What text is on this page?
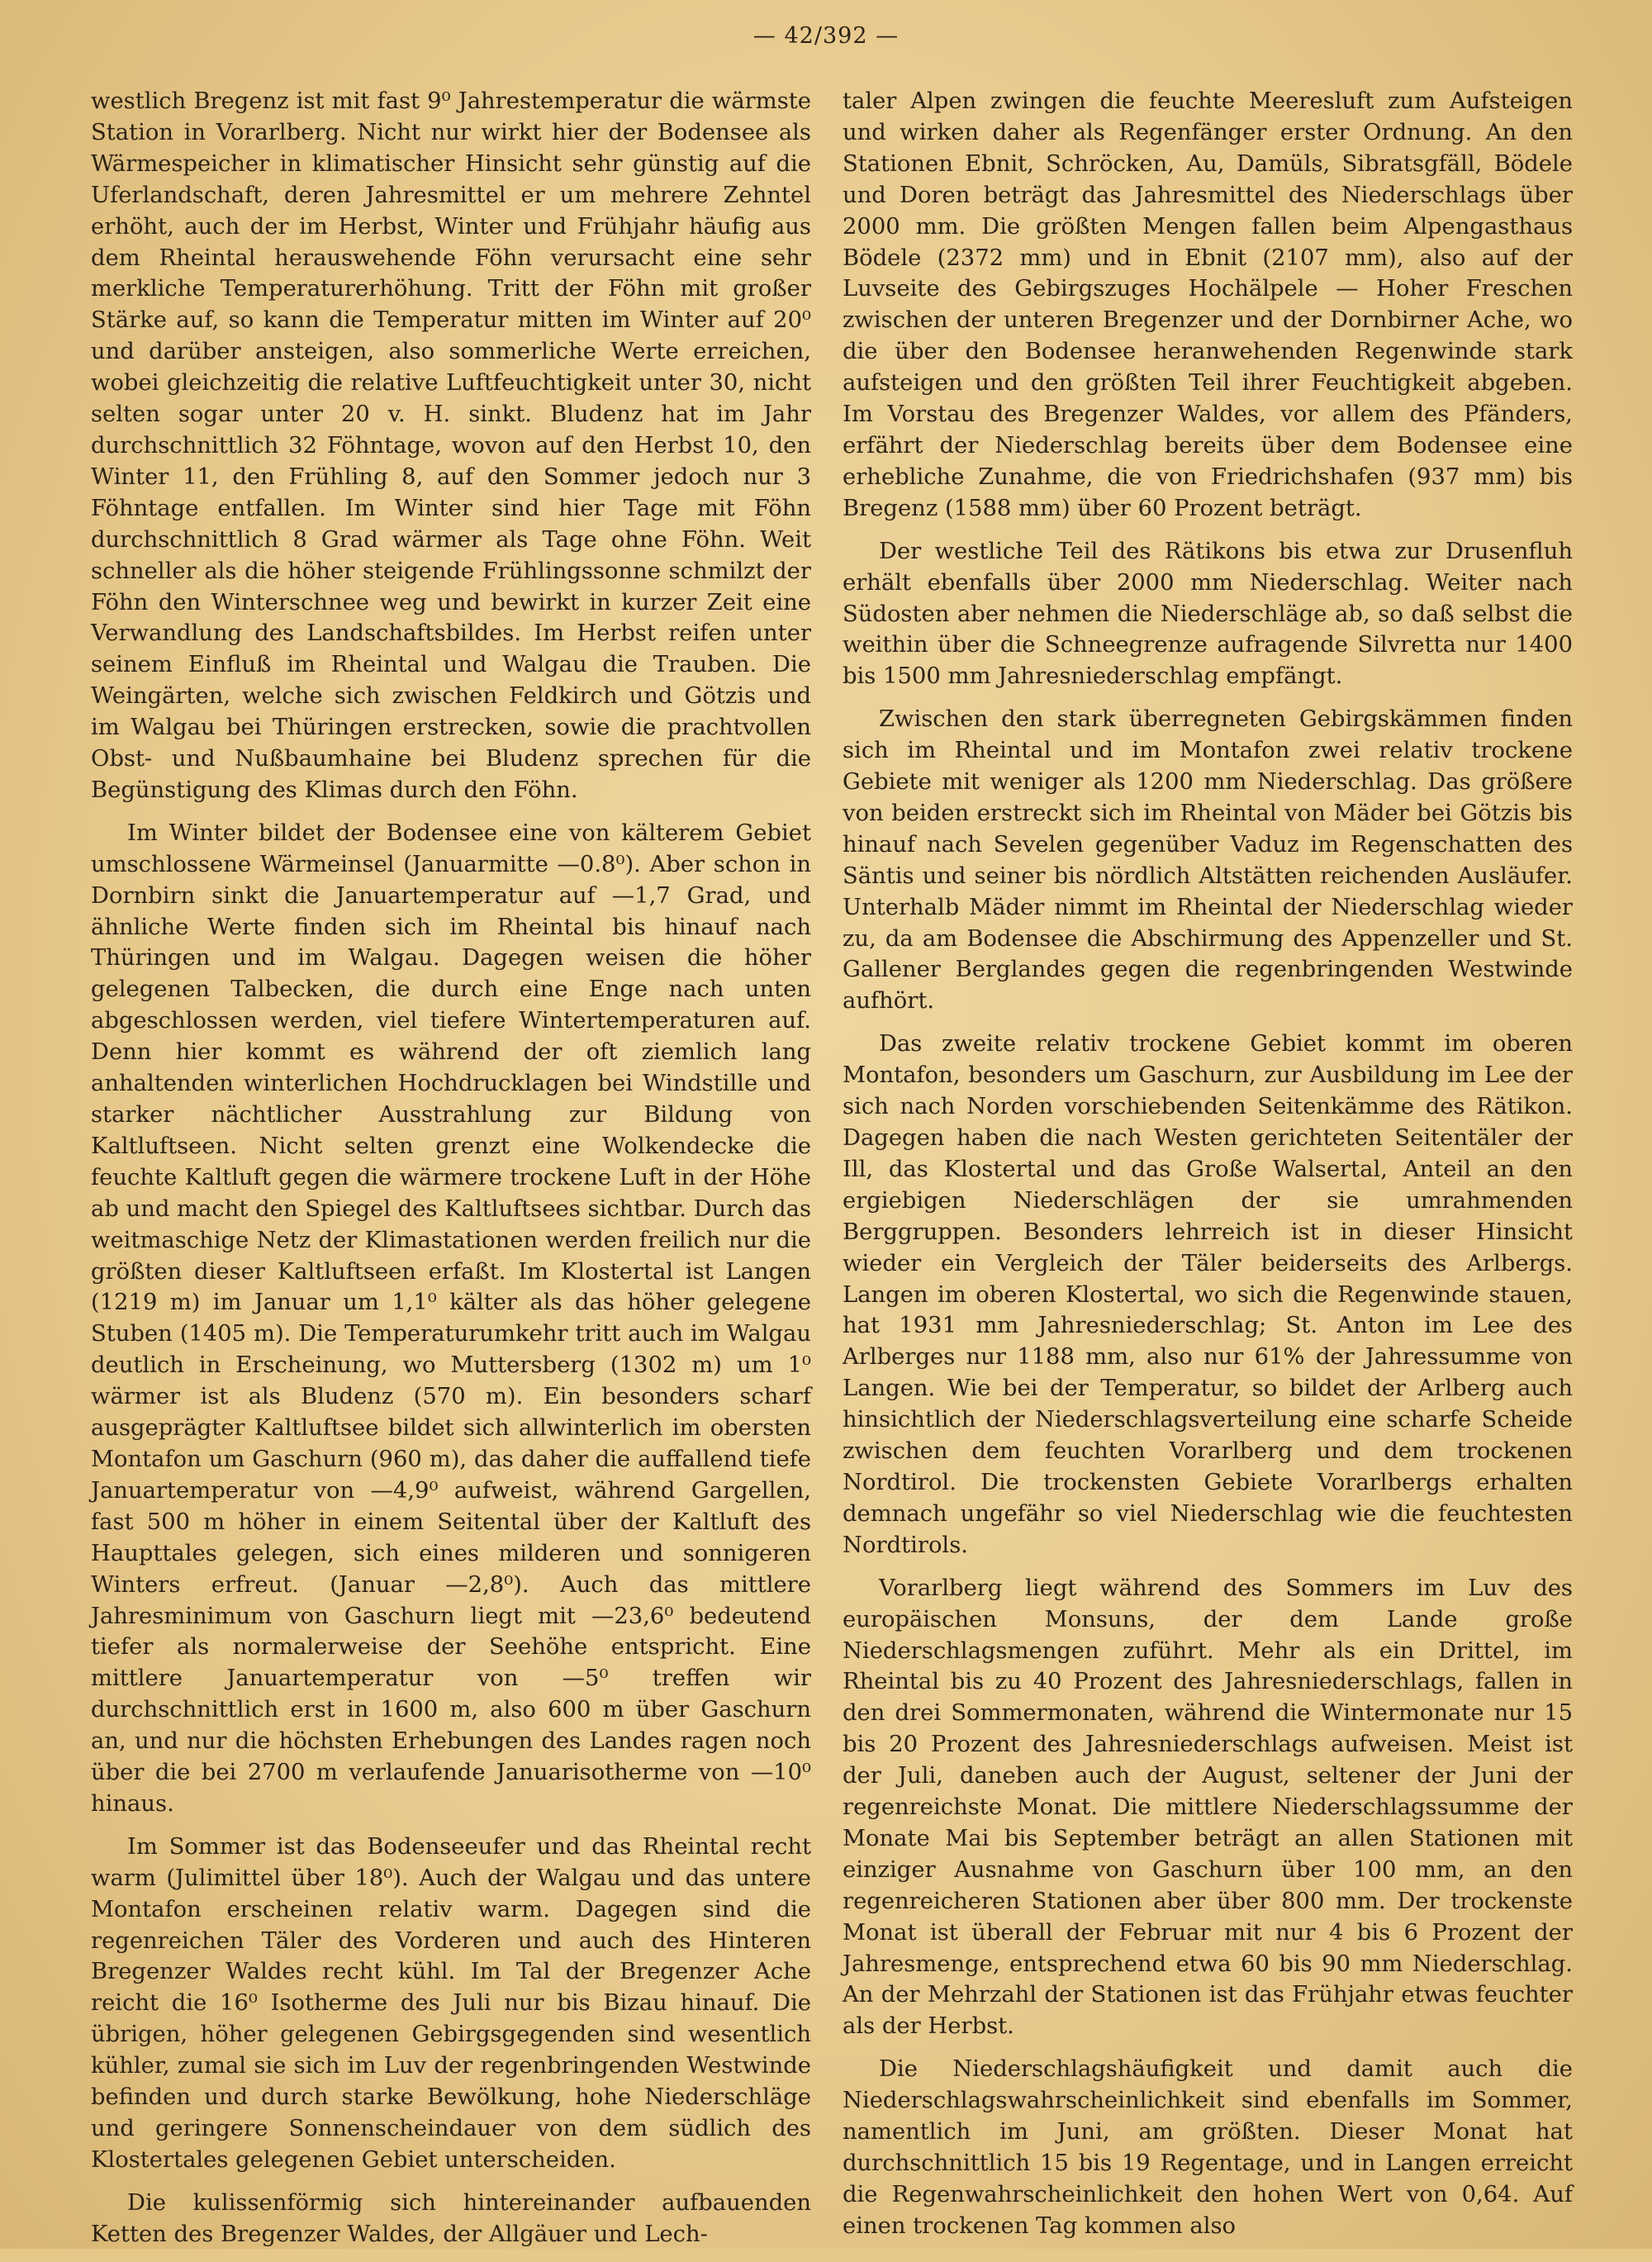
— 42/392 —

westlich Bregenz ist mit fast 9⁰ Jahrestemperatur die wärmste Station in Vorarlberg. Nicht nur wirkt hier der Bodensee als Wärmespeicher in klimatischer Hinsicht sehr günstig auf die Uferlandschaft, deren Jahresmittel er um mehrere Zehntel erhöht, auch der im Herbst, Winter und Frühjahr häufig aus dem Rheintal herauswehende Föhn verursacht eine sehr merkliche Temperaturerhöhung. Tritt der Föhn mit großer Stärke auf, so kann die Temperatur mitten im Winter auf 20⁰ und darüber ansteigen, also sommerliche Werte erreichen, wobei gleichzeitig die relative Luftfeuchtigkeit unter 30, nicht selten sogar unter 20 v. H. sinkt. Bludenz hat im Jahr durchschnittlich 32 Föhntage, wovon auf den Herbst 10, den Winter 11, den Frühling 8, auf den Sommer jedoch nur 3 Föhntage entfallen. Im Winter sind hier Tage mit Föhn durchschnittlich 8 Grad wärmer als Tage ohne Föhn. Weit schneller als die höher steigende Frühlingssonne schmilzt der Föhn den Winterschnee weg und bewirkt in kurzer Zeit eine Verwandlung des Landschaftsbildes. Im Herbst reifen unter seinem Einfluß im Rheintal und Walgau die Trauben. Die Weingärten, welche sich zwischen Feldkirch und Götzis und im Walgau bei Thüringen erstrecken, sowie die prachtvollen Obst- und Nußbaumhaine bei Bludenz sprechen für die Begünstigung des Klimas durch den Föhn.

Im Winter bildet der Bodensee eine von kälterem Gebiet umschlossene Wärmeinsel (Januarmitte —0.8⁰). Aber schon in Dornbirn sinkt die Januartemperatur auf —1,7 Grad, und ähnliche Werte finden sich im Rheintal bis hinauf nach Thüringen und im Walgau. Dagegen weisen die höher gelegenen Talbecken, die durch eine Enge nach unten abgeschlossen werden, viel tiefere Wintertemperaturen auf. Denn hier kommt es während der oft ziemlich lang anhaltenden winterlichen Hochdrucklagen bei Windstille und starker nächtlicher Ausstrahlung zur Bildung von Kaltluftseen. Nicht selten grenzt eine Wolkendecke die feuchte Kaltluft gegen die wärmere trockene Luft in der Höhe ab und macht den Spiegel des Kaltluftsees sichtbar. Durch das weitmaschige Netz der Klimastationen werden freilich nur die größten dieser Kaltluftseen erfaßt. Im Klostertal ist Langen (1219 m) im Januar um 1,1⁰ kälter als das höher gelegene Stuben (1405 m). Die Temperaturumkehr tritt auch im Walgau deutlich in Erscheinung, wo Muttersberg (1302 m) um 1⁰ wärmer ist als Bludenz (570 m). Ein besonders scharf ausgeprägter Kaltluftsee bildet sich allwinterlich im obersten Montafon um Gaschurn (960 m), das daher die auffallend tiefe Januartemperatur von —4,9⁰ aufweist, während Gargellen, fast 500 m höher in einem Seitental über der Kaltluft des Haupttales gelegen, sich eines milderen und sonnigeren Winters erfreut. (Januar —2,8⁰). Auch das mittlere Jahresminimum von Gaschurn liegt mit —23,6⁰ bedeutend tiefer als normalerweise der Seehöhe entspricht. Eine mittlere Januartemperatur von —5⁰ treffen wir durchschnittlich erst in 1600 m, also 600 m über Gaschurn an, und nur die höchsten Erhebungen des Landes ragen noch über die bei 2700 m verlaufende Januarisotherme von —10⁰ hinaus.

Im Sommer ist das Bodenseeufer und das Rheintal recht warm (Julimittel über 18⁰). Auch der Walgau und das untere Montafon erscheinen relativ warm. Dagegen sind die regenreichen Täler des Vorderen und auch des Hinteren Bregenzer Waldes recht kühl. Im Tal der Bregenzer Ache reicht die 16⁰ Isotherme des Juli nur bis Bizau hinauf. Die übrigen, höher gelegenen Gebirgsgegenden sind wesentlich kühler, zumal sie sich im Luv der regenbringenden Westwinde befinden und durch starke Bewölkung, hohe Niederschläge und geringere Sonnenscheindauer von dem südlich des Klostertales gelegenen Gebiet unterscheiden.

Die kulissenförmig sich hintereinander aufbauenden Ketten des Bregenzer Waldes, der Allgäuer und Lech-

taler Alpen zwingen die feuchte Meeresluft zum Aufsteigen und wirken daher als Regenfänger erster Ordnung. An den Stationen Ebnit, Schröcken, Au, Damüls, Sibratsgfäll, Bödele und Doren beträgt das Jahresmittel des Niederschlags über 2000 mm. Die größten Mengen fallen beim Alpengasthaus Bödele (2372 mm) und in Ebnit (2107 mm), also auf der Luvseite des Gebirgszuges Hochälpele — Hoher Freschen zwischen der unteren Bregenzer und der Dornbirner Ache, wo die über den Bodensee heranwehenden Regenwinde stark aufsteigen und den größten Teil ihrer Feuchtigkeit abgeben. Im Vorstau des Bregenzer Waldes, vor allem des Pfänders, erfährt der Niederschlag bereits über dem Bodensee eine erhebliche Zunahme, die von Friedrichshafen (937 mm) bis Bregenz (1588 mm) über 60 Prozent beträgt.

Der westliche Teil des Rätikons bis etwa zur Drusenfluh erhält ebenfalls über 2000 mm Niederschlag. Weiter nach Südosten aber nehmen die Niederschläge ab, so daß selbst die weithin über die Schneegrenze aufragende Silvretta nur 1400 bis 1500 mm Jahresniederschlag empfängt.

Zwischen den stark überregneten Gebirgskämmen finden sich im Rheintal und im Montafon zwei relativ trockene Gebiete mit weniger als 1200 mm Niederschlag. Das größere von beiden erstreckt sich im Rheintal von Mäder bei Götzis bis hinauf nach Sevelen gegenüber Vaduz im Regenschatten des Säntis und seiner bis nördlich Altstätten reichenden Ausläufer. Unterhalb Mäder nimmt im Rheintal der Niederschlag wieder zu, da am Bodensee die Abschirmung des Appenzeller und St. Gallener Berglandes gegen die regenbringenden Westwinde aufhört.

Das zweite relativ trockene Gebiet kommt im oberen Montafon, besonders um Gaschurn, zur Ausbildung im Lee der sich nach Norden vorschiebenden Seitenkämme des Rätikon. Dagegen haben die nach Westen gerichteten Seitentäler der Ill, das Klostertal und das Große Walsertal, Anteil an den ergiebigen Niederschlägen der sie umrahmenden Berggruppen. Besonders lehrreich ist in dieser Hinsicht wieder ein Vergleich der Täler beiderseits des Arlbergs. Langen im oberen Klostertal, wo sich die Regenwinde stauen, hat 1931 mm Jahresniederschlag; St. Anton im Lee des Arlberges nur 1188 mm, also nur 61% der Jahressumme von Langen. Wie bei der Temperatur, so bildet der Arlberg auch hinsichtlich der Niederschlagsverteilung eine scharfe Scheide zwischen dem feuchten Vorarlberg und dem trockenen Nordtirol. Die trockensten Gebiete Vorarlbergs erhalten demnach ungefähr so viel Niederschlag wie die feuchtesten Nordtirols.

Vorarlberg liegt während des Sommers im Luv des europäischen Monsuns, der dem Lande große Niederschlagsmengen zuführt. Mehr als ein Drittel, im Rheintal bis zu 40 Prozent des Jahresniederschlags, fallen in den drei Sommermonaten, während die Wintermonate nur 15 bis 20 Prozent des Jahresniederschlags aufweisen. Meist ist der Juli, daneben auch der August, seltener der Juni der regenreichste Monat. Die mittlere Niederschlagssumme der Monate Mai bis September beträgt an allen Stationen mit einziger Ausnahme von Gaschurn über 100 mm, an den regenreicheren Stationen aber über 800 mm. Der trockenste Monat ist überall der Februar mit nur 4 bis 6 Prozent der Jahresmenge, entsprechend etwa 60 bis 90 mm Niederschlag. An der Mehrzahl der Stationen ist das Frühjahr etwas feuchter als der Herbst.

Die Niederschlagshäufigkeit und damit auch die Niederschlagswahrscheinlichkeit sind ebenfalls im Sommer, namentlich im Juni, am größten. Dieser Monat hat durchschnittlich 15 bis 19 Regentage, und in Langen erreicht die Regenwahrscheinlichkeit den hohen Wert von 0,64. Auf einen trockenen Tag kommen also
